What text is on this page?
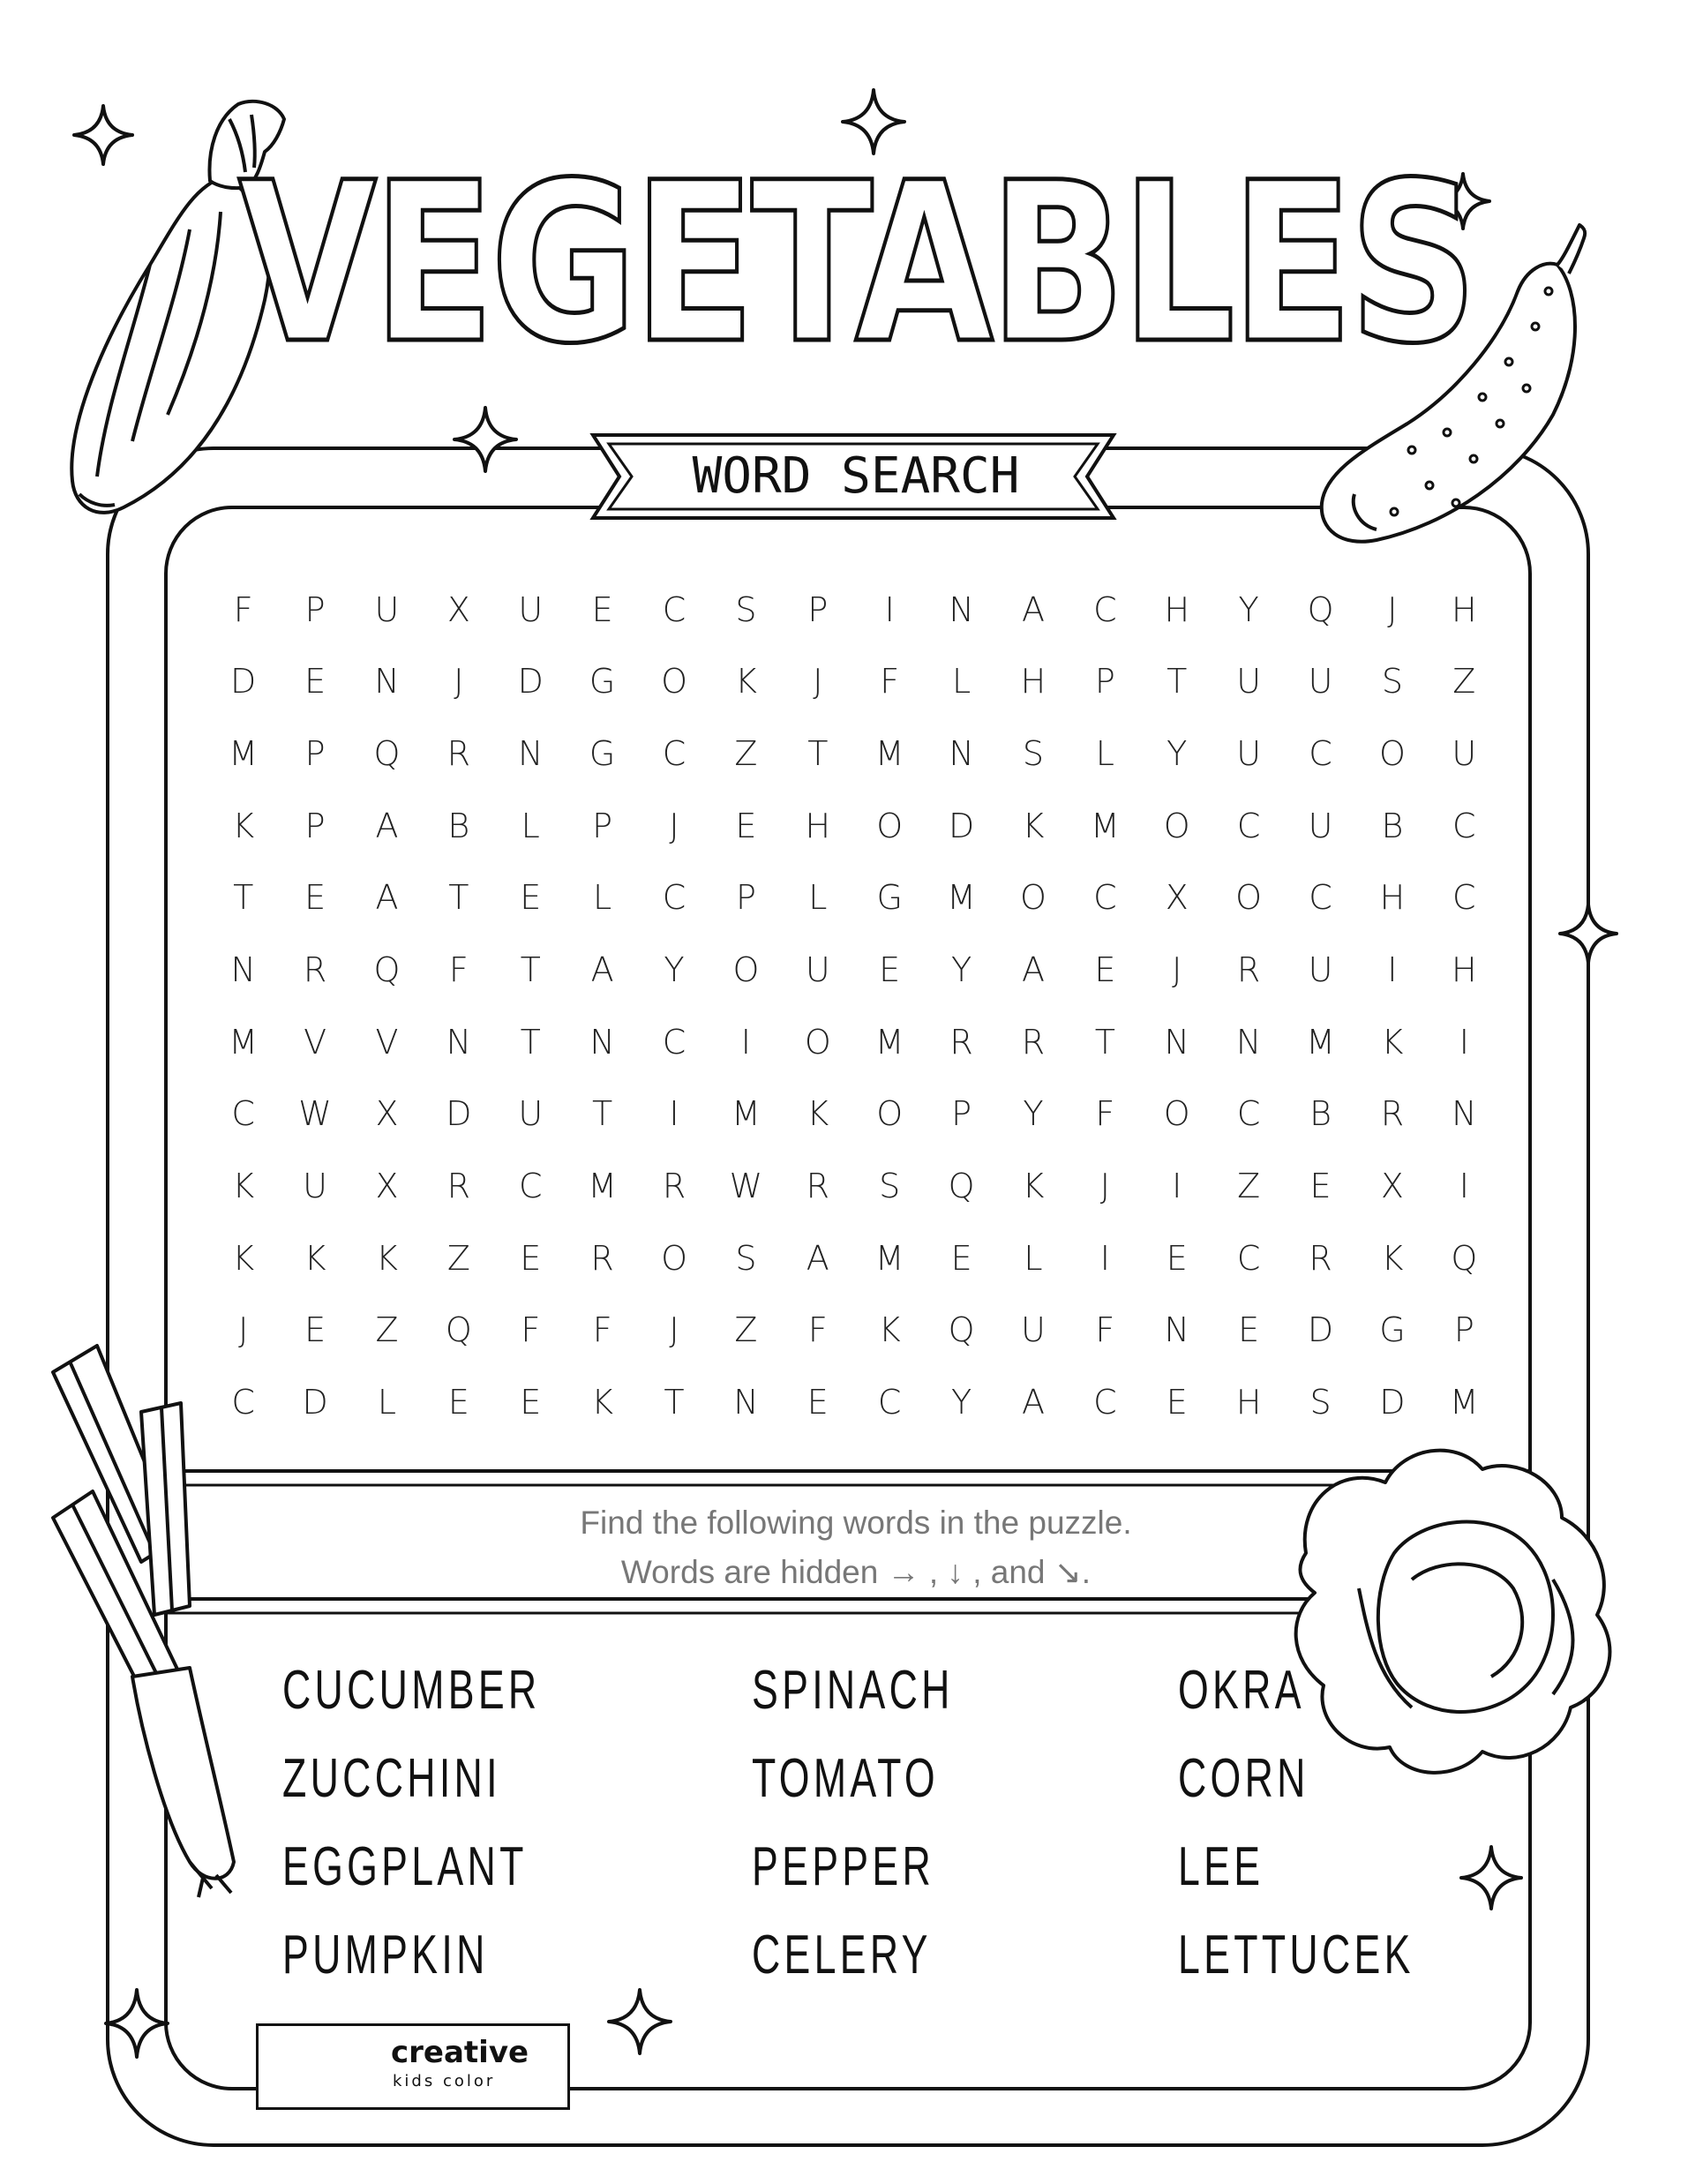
VEGETABLES
WORD SEARCH
F	P	U	X	U	E	C	S	P	I	N	A	C	H	Y	Q	J	H
D	E	N	J	D	G	O	K	J	F	L	H	P	T	U	U	S	Z
M	P	Q	R	N	G	C	Z	T	M	N	S	L	Y	U	C	O	U
K	P	A	B	L	P	J	E	H	O	D	K	M	O	C	U	B	C
T	E	A	T	E	L	C	P	L	G	M	O	C	X	O	C	H	C
N	R	Q	F	T	A	Y	O	U	E	Y	A	E	J	R	U	I	H
M	V	V	N	T	N	C	I	O	M	R	R	T	N	N	M	K	I
C	W	X	D	U	T	I	M	K	O	P	Y	F	O	C	B	R	N
K	U	X	R	C	M	R	W	R	S	Q	K	J	I	Z	E	X	I
K	K	K	Z	E	R	O	S	A	M	E	L	I	E	C	R	K	Q
J	E	Z	Q	F	F	J	Z	F	K	Q	U	F	N	E	D	G	P
C	D	L	E	E	K	T	N	E	C	Y	A	C	E	H	S	D	M
Find the following words in the puzzle.
Words are hidden → , ↓ , and ↘.
CUCUMBER
ZUCCHINI
EGGPLANT
PUMPKIN
SPINACH
TOMATO
PEPPER
CELERY
OKRA
CORN
LEE
LETTUCEK
creative
kids color
